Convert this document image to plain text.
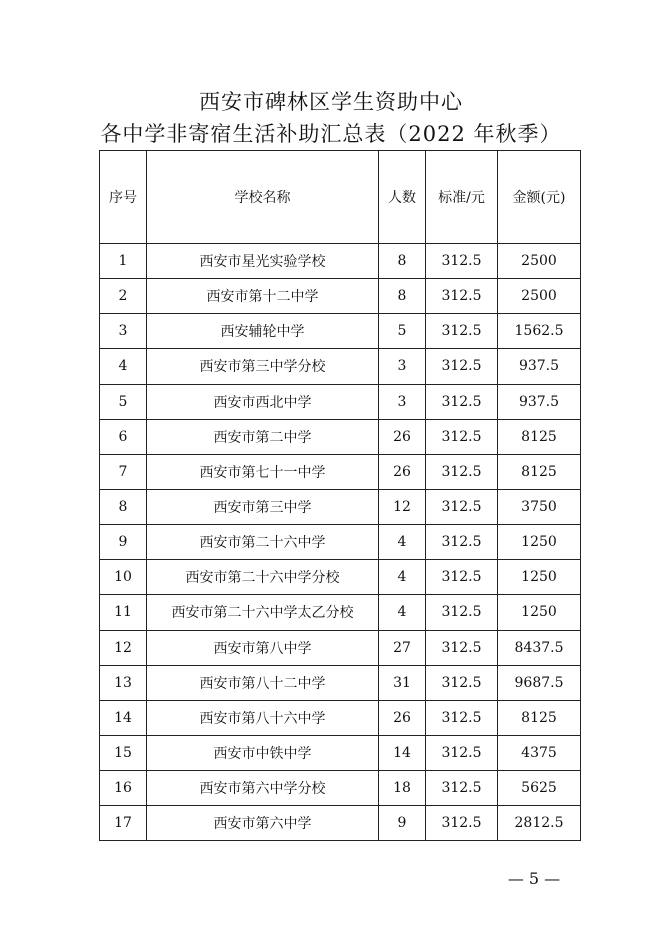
西安市碑林区学生资助中心
各中学非寄宿生活补助汇总表（2022 年秋季）
序号	学校名称	人数	标准/元	金额(元)
1	西安市星光实验学校	8	312.5	2500
2	西安市第十二中学	8	312.5	2500
3	西安辅轮中学	5	312.5	1562.5
4	西安市第三中学分校	3	312.5	937.5
5	西安市西北中学	3	312.5	937.5
6	西安市第二中学	26	312.5	8125
7	西安市第七十一中学	26	312.5	8125
8	西安市第三中学	12	312.5	3750
9	西安市第二十六中学	4	312.5	1250
10	西安市第二十六中学分校	4	312.5	1250
11	西安市第二十六中学太乙分校	4	312.5	1250
12	西安市第八中学	27	312.5	8437.5
13	西安市第八十二中学	31	312.5	9687.5
14	西安市第八十六中学	26	312.5	8125
15	西安市中铁中学	14	312.5	4375
16	西安市第六中学分校	18	312.5	5625
17	西安市第六中学	9	312.5	2812.5
— 5 —
